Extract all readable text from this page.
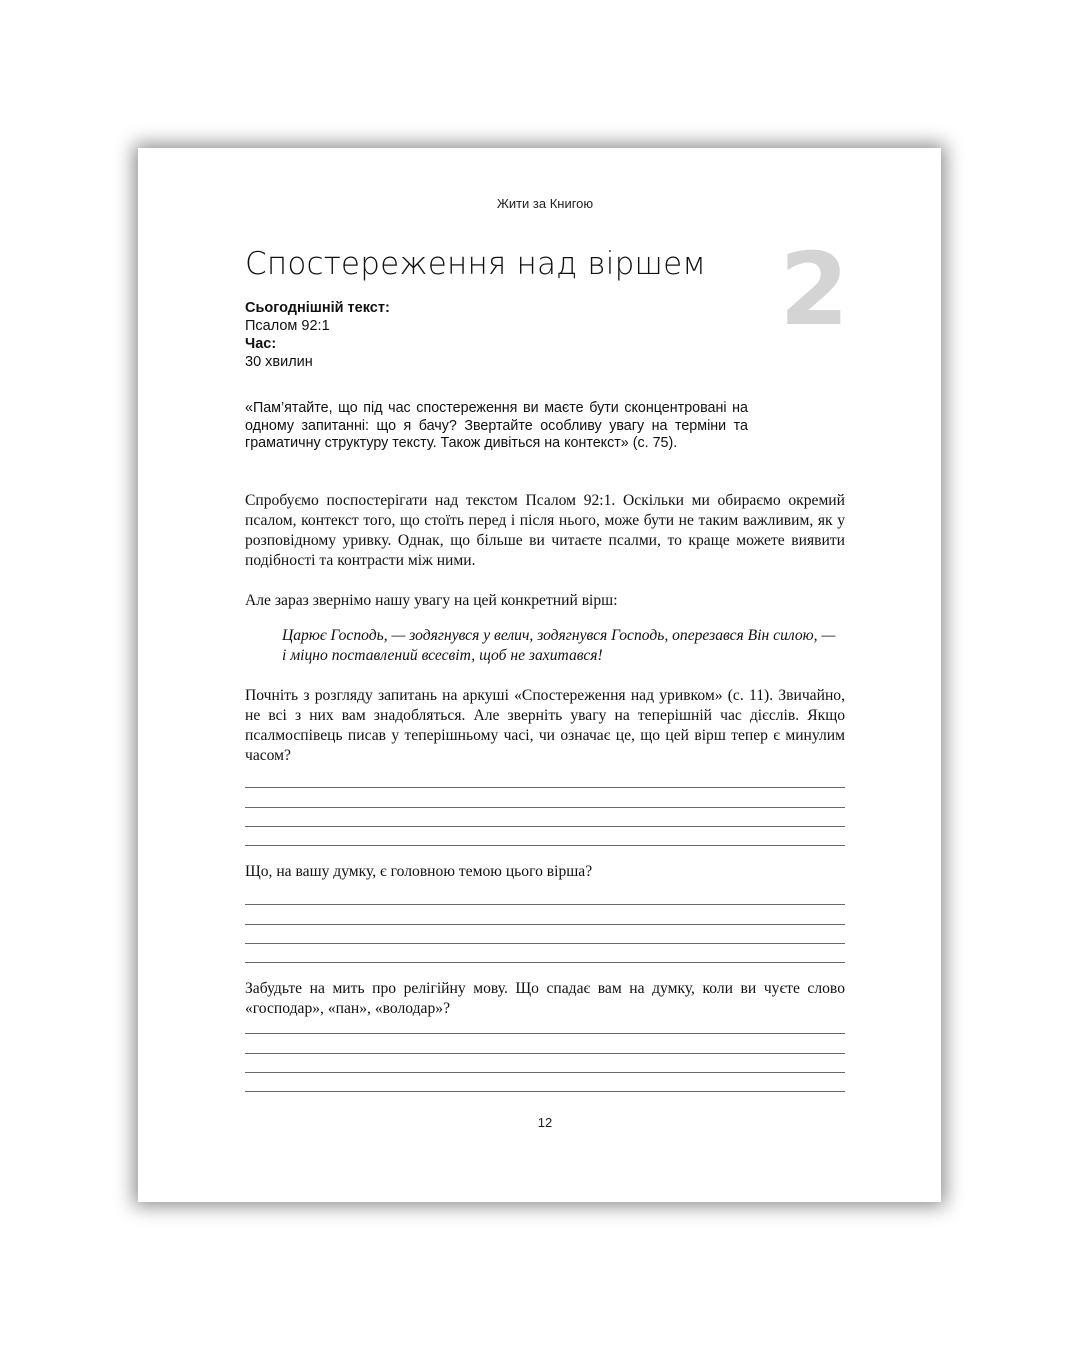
Жити за Книгою
Спостереження над віршем 2
Сьогоднішній текст:
Псалом 92:1
Час:
30 хвилин

«Пам’ятайте, що під час спостереження ви маєте бути сконцентровані на одному запитанні: що я бачу? Звертайте особливу увагу на терміни та граматичну структуру тексту. Також дивіться на контекст» (с. 75).

Спробуємо поспостерігати над текстом Псалом 92:1. Оскільки ми обираємо окремий псалом, контекст того, що стоїть перед і після нього, може бути не таким важливим, як у розповідному уривку. Однак, що більше ви читаєте псалми, то краще можете виявити подібності та контрасти між ними.

Але зараз звернімо нашу увагу на цей конкретний вірш:

Царює Господь, — зодягнувся у велич, зодягнувся Господь, оперезався Він силою, — і міцно поставлений всесвіт, щоб не захитався!

Почніть з розгляду запитань на аркуші «Спостереження над уривком» (с. 11). Звичайно, не всі з них вам знадобляться. Але зверніть увагу на теперішній час дієслів. Якщо псалмоспівець писав у теперішньому часі, чи означає це, що цей вірш тепер є минулим часом?

Що, на вашу думку, є головною темою цього вірша?

Забудьте на мить про релігійну мову. Що спадає вам на думку, коли ви чуєте слово «господар», «пан», «володар»?

12
